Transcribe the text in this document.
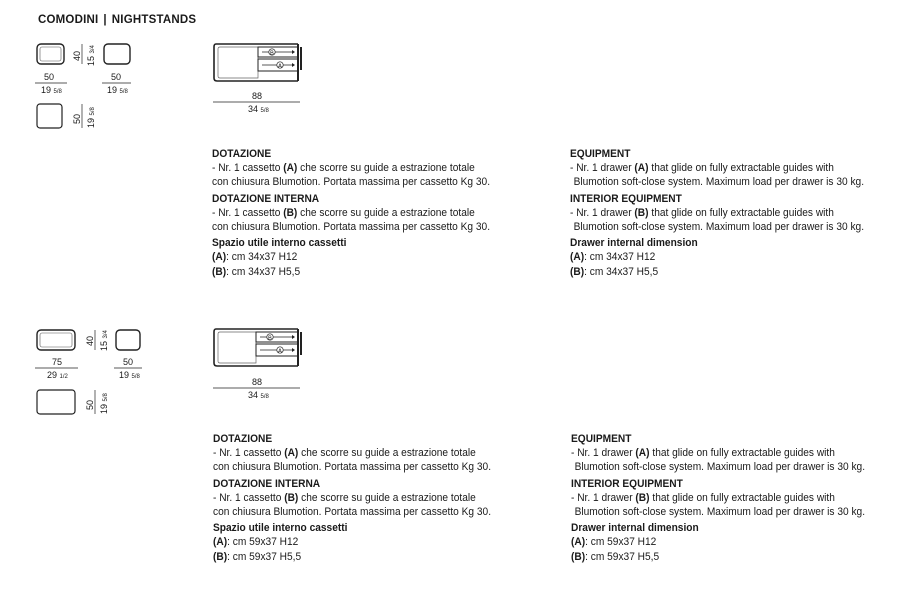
COMODINI | NIGHTSTANDS
B
A
50
19 5/8
40 15 3/4
50
19 5/8
50 19 5/8
88
34 5/8

DOTAZIONE

- Nr. 1 cassetto (A) che scorre su guide a estrazione totale

con chiusura Blumotion. Portata massima per cassetto Kg 30.

DOTAZIONE INTERNA

- Nr. 1 cassetto (B) che scorre su guide a estrazione totale

con chiusura Blumotion. Portata massima per cassetto Kg 30.

Spazio utile interno cassetti

(A): cm 34x37 H12

(B): cm 34x37 H5,5

EQUIPMENT

- Nr. 1 drawer (A) that glide on fully extractable guides with

Blumotion soft-close system. Maximum load per drawer is 30 kg.

INTERIOR EQUIPMENT

- Nr. 1 drawer (B) that glide on fully extractable guides with

Blumotion soft-close system. Maximum load per drawer is 30 kg.

Drawer internal dimension

(A): cm 34x37 H12

(B): cm 34x37 H5,5

B
A
75
29 1/2
40 15 3/4
50
19 5/8
50 19 5/8
88
34 5/8

DOTAZIONE

- Nr. 1 cassetto (A) che scorre su guide a estrazione totale

con chiusura Blumotion. Portata massima per cassetto Kg 30.

DOTAZIONE INTERNA

- Nr. 1 cassetto (B) che scorre su guide a estrazione totale

con chiusura Blumotion. Portata massima per cassetto Kg 30.

Spazio utile interno cassetti

(A): cm 59x37 H12

(B): cm 59x37 H5,5

EQUIPMENT

- Nr. 1 drawer (A) that glide on fully extractable guides with

Blumotion soft-close system. Maximum load per drawer is 30 kg.

INTERIOR EQUIPMENT

- Nr. 1 drawer (B) that glide on fully extractable guides with

Blumotion soft-close system. Maximum load per drawer is 30 kg.

Drawer internal dimension

(A): cm 59x37 H12

(B): cm 59x37 H5,5
